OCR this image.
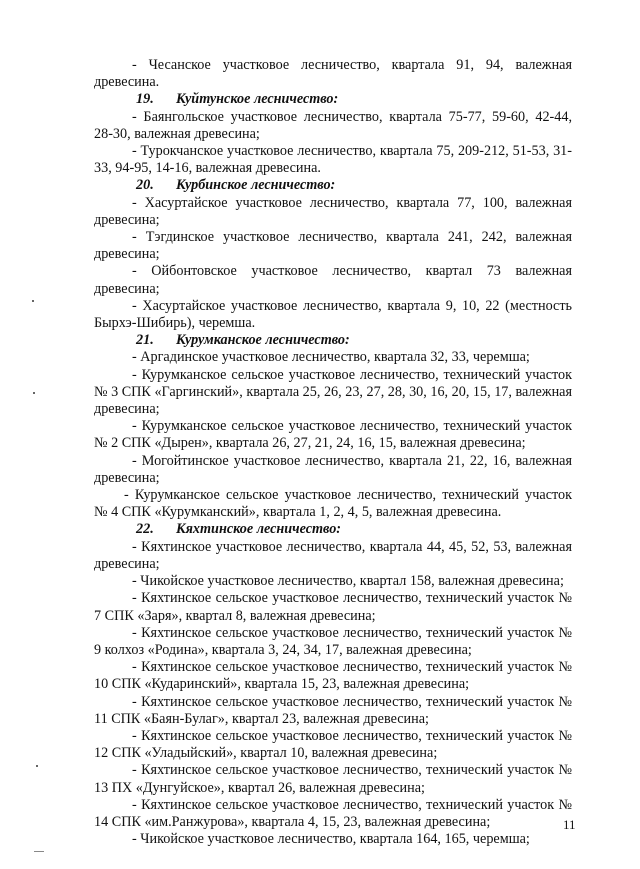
- Чесанское участковое лесничество, квартала 91, 94, валежная древесина.

19. Куйтунское лесничество:

- Баянгольское участковое лесничество, квартала 75-77, 59-60, 42-44, 28-30, валежная древесина;

- Турокчанское участковое лесничество, квартала 75, 209-212, 51-53, 31-33, 94-95, 14-16, валежная древесина.

20. Курбинское лесничество:

- Хасуртайское участковое лесничество, квартала 77, 100, валежная древесина;

- Тэгдинское участковое лесничество, квартала 241, 242, валежная древесина;

- Ойбонтовское участковое лесничество, квартал 73 валежная древесина;

- Хасуртайское участковое лесничество, квартала 9, 10, 22 (местность Бырхэ-Шибирь), черемша.

21. Курумканское лесничество:

- Аргадинское участковое лесничество, квартала 32, 33, черемша;

- Курумканское сельское участковое лесничество, технический участок № 3 СПК «Гаргинский», квартала 25, 26, 23, 27, 28, 30, 16, 20, 15, 17, валежная древесина;

- Курумканское сельское участковое лесничество, технический участок № 2 СПК «Дырен», квартала 26, 27, 21, 24, 16, 15, валежная древесина;

- Могойтинское участковое лесничество, квартала 21, 22, 16, валежная древесина;

- Курумканское сельское участковое лесничество, технический участок № 4 СПК «Курумканский», квартала 1, 2, 4, 5, валежная древесина.

22. Кяхтинское лесничество:

- Кяхтинское участковое лесничество, квартала 44, 45, 52, 53, валежная древесина;

- Чикойское участковое лесничество, квартал 158, валежная древесина;

- Кяхтинское сельское участковое лесничество, технический участок № 7 СПК «Заря», квартал 8, валежная древесина;

- Кяхтинское сельское участковое лесничество, технический участок № 9 колхоз «Родина», квартала 3, 24, 34, 17, валежная древесина;

- Кяхтинское сельское участковое лесничество, технический участок № 10 СПК «Кударинский», квартала 15, 23, валежная древесина;

- Кяхтинское сельское участковое лесничество, технический участок № 11 СПК «Баян-Булаг», квартал 23, валежная древесина;

- Кяхтинское сельское участковое лесничество, технический участок № 12 СПК «Уладыйский», квартал 10, валежная древесина;

- Кяхтинское сельское участковое лесничество, технический участок № 13 ПХ «Дунгуйское», квартал 26, валежная древесина;

- Кяхтинское сельское участковое лесничество, технический участок № 14 СПК «им.Ранжурова», квартала 4, 15, 23, валежная древесина;

- Чикойское участковое лесничество, квартала 164, 165, черемша;

11
